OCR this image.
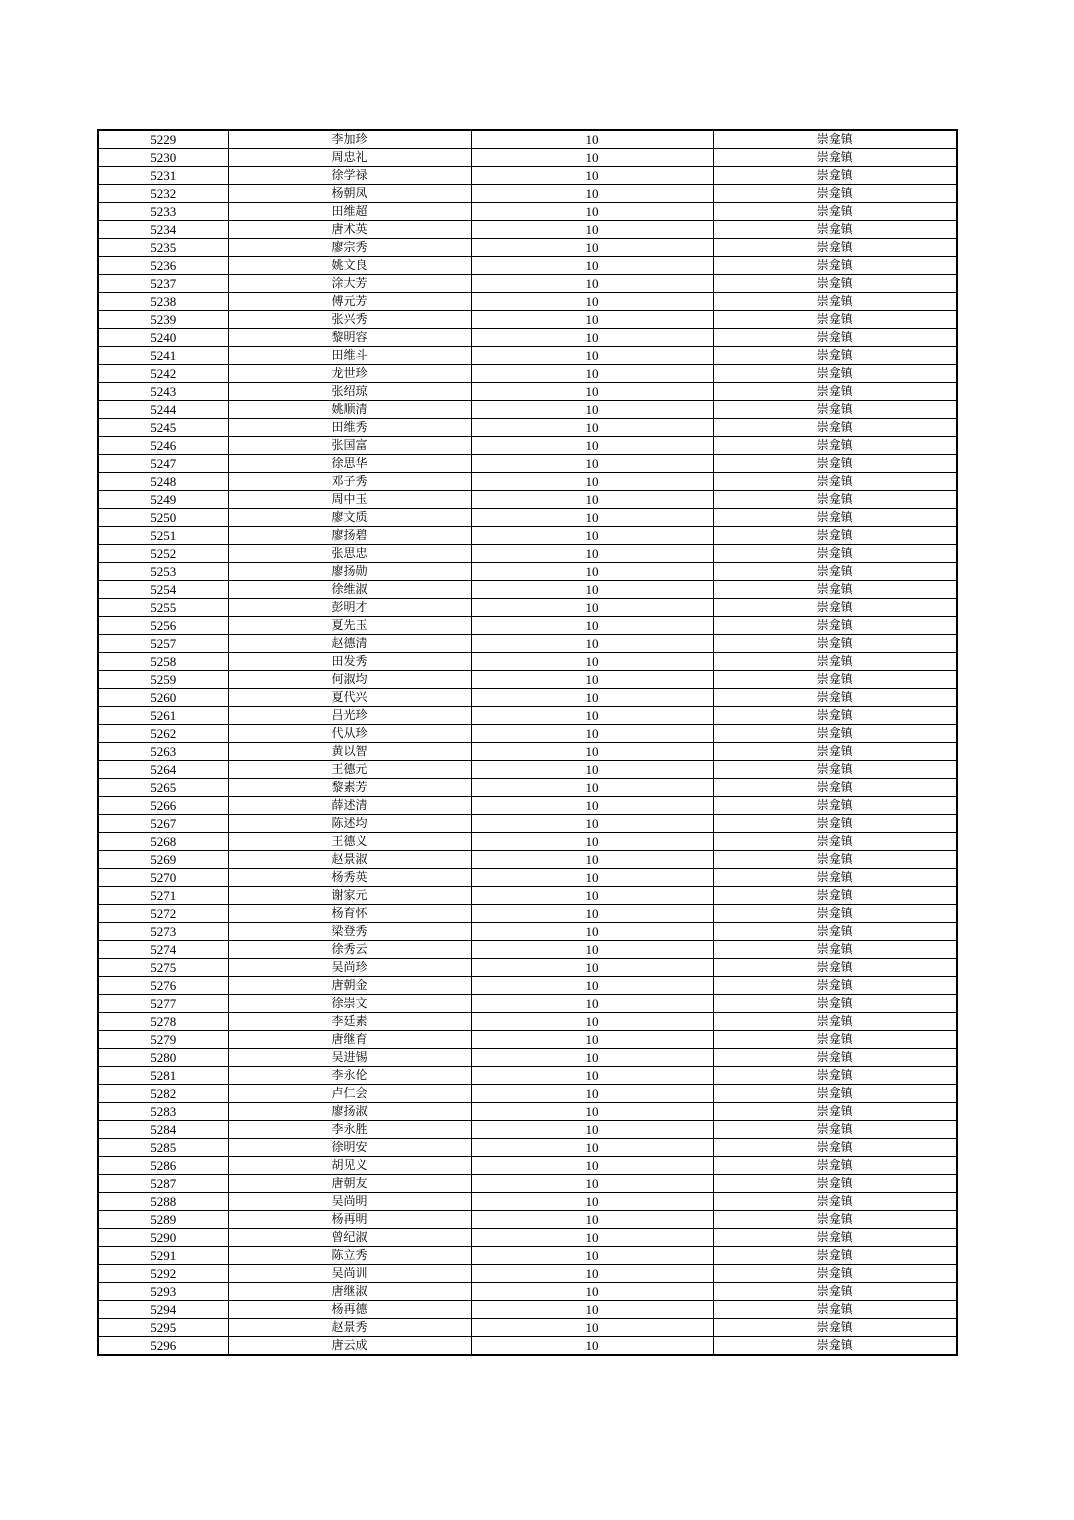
5229	李加珍	10	崇龛镇
5230	周忠礼	10	崇龛镇
5231	徐学禄	10	崇龛镇
5232	杨朝凤	10	崇龛镇
5233	田维超	10	崇龛镇
5234	唐术英	10	崇龛镇
5235	廖宗秀	10	崇龛镇
5236	姚文良	10	崇龛镇
5237	涂大芳	10	崇龛镇
5238	傅元芳	10	崇龛镇
5239	张兴秀	10	崇龛镇
5240	黎明容	10	崇龛镇
5241	田维斗	10	崇龛镇
5242	龙世珍	10	崇龛镇
5243	张绍琼	10	崇龛镇
5244	姚顺清	10	崇龛镇
5245	田维秀	10	崇龛镇
5246	张国富	10	崇龛镇
5247	徐思华	10	崇龛镇
5248	邓子秀	10	崇龛镇
5249	周中玉	10	崇龛镇
5250	廖文质	10	崇龛镇
5251	廖扬碧	10	崇龛镇
5252	张思忠	10	崇龛镇
5253	廖扬勋	10	崇龛镇
5254	徐维淑	10	崇龛镇
5255	彭明才	10	崇龛镇
5256	夏先玉	10	崇龛镇
5257	赵德清	10	崇龛镇
5258	田发秀	10	崇龛镇
5259	何淑均	10	崇龛镇
5260	夏代兴	10	崇龛镇
5261	吕光珍	10	崇龛镇
5262	代从珍	10	崇龛镇
5263	黄以智	10	崇龛镇
5264	王德元	10	崇龛镇
5265	黎素芳	10	崇龛镇
5266	薛述清	10	崇龛镇
5267	陈述均	10	崇龛镇
5268	王德义	10	崇龛镇
5269	赵景淑	10	崇龛镇
5270	杨秀英	10	崇龛镇
5271	谢家元	10	崇龛镇
5272	杨育怀	10	崇龛镇
5273	梁登秀	10	崇龛镇
5274	徐秀云	10	崇龛镇
5275	吴尚珍	10	崇龛镇
5276	唐朝金	10	崇龛镇
5277	徐崇文	10	崇龛镇
5278	李廷素	10	崇龛镇
5279	唐继育	10	崇龛镇
5280	吴进锡	10	崇龛镇
5281	李永伦	10	崇龛镇
5282	卢仁会	10	崇龛镇
5283	廖扬淑	10	崇龛镇
5284	李永胜	10	崇龛镇
5285	徐明安	10	崇龛镇
5286	胡见义	10	崇龛镇
5287	唐朝友	10	崇龛镇
5288	吴尚明	10	崇龛镇
5289	杨再明	10	崇龛镇
5290	曾纪淑	10	崇龛镇
5291	陈立秀	10	崇龛镇
5292	吴尚训	10	崇龛镇
5293	唐继淑	10	崇龛镇
5294	杨再德	10	崇龛镇
5295	赵景秀	10	崇龛镇
5296	唐云成	10	崇龛镇
